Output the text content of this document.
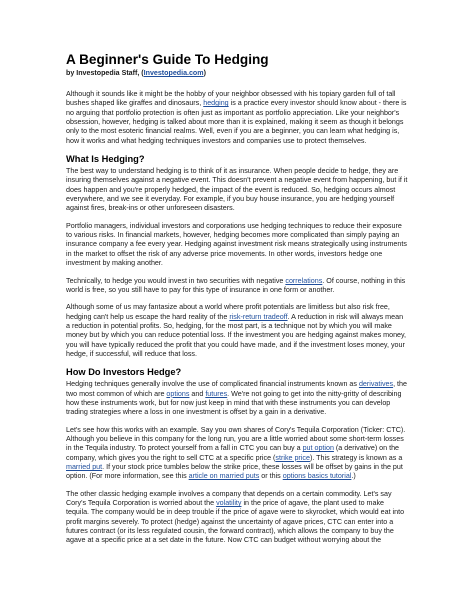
A Beginner's Guide To Hedging
by Investopedia Staff, (Investopedia.com)

Although it sounds like it might be the hobby of your neighbor obsessed with his topiary garden full of tall bushes shaped like giraffes and dinosaurs, hedging is a practice every investor should know about - there is no arguing that portfolio protection is often just as important as portfolio appreciation. Like your neighbor's obsession, however, hedging is talked about more than it is explained, making it seem as though it belongs only to the most esoteric financial realms. Well, even if you are a beginner, you can learn what hedging is, how it works and what hedging techniques investors and companies use to protect themselves.

What Is Hedging?

The best way to understand hedging is to think of it as insurance. When people decide to hedge, they are insuring themselves against a negative event. This doesn't prevent a negative event from happening, but if it does happen and you're properly hedged, the impact of the event is reduced. So, hedging occurs almost everywhere, and we see it everyday. For example, if you buy house insurance, you are hedging yourself against fires, break-ins or other unforeseen disasters.

Portfolio managers, individual investors and corporations use hedging techniques to reduce their exposure to various risks. In financial markets, however, hedging becomes more complicated than simply paying an insurance company a fee every year. Hedging against investment risk means strategically using instruments in the market to offset the risk of any adverse price movements. In other words, investors hedge one investment by making another.

Technically, to hedge you would invest in two securities with negative correlations. Of course, nothing in this world is free, so you still have to pay for this type of insurance in one form or another.

Although some of us may fantasize about a world where profit potentials are limitless but also risk free, hedging can't help us escape the hard reality of the risk-return tradeoff. A reduction in risk will always mean a reduction in potential profits. So, hedging, for the most part, is a technique not by which you will make money but by which you can reduce potential loss. If the investment you are hedging against makes money, you will have typically reduced the profit that you could have made, and if the investment loses money, your hedge, if successful, will reduce that loss.

How Do Investors Hedge?

Hedging techniques generally involve the use of complicated financial instruments known as derivatives, the two most common of which are options and futures. We're not going to get into the nitty-gritty of describing how these instruments work, but for now just keep in mind that with these instruments you can develop trading strategies where a loss in one investment is offset by a gain in a derivative.

Let's see how this works with an example. Say you own shares of Cory's Tequila Corporation (Ticker: CTC). Although you believe in this company for the long run, you are a little worried about some short-term losses in the Tequila industry. To protect yourself from a fall in CTC you can buy a put option (a derivative) on the company, which gives you the right to sell CTC at a specific price (strike price). This strategy is known as a married put. If your stock price tumbles below the strike price, these losses will be offset by gains in the put option. (For more information, see this article on married puts or this options basics tutorial.)

The other classic hedging example involves a company that depends on a certain commodity. Let's say Cory's Tequila Corporation is worried about the volatility in the price of agave, the plant used to make tequila. The company would be in deep trouble if the price of agave were to skyrocket, which would eat into profit margins severely. To protect (hedge) against the uncertainty of agave prices, CTC can enter into a futures contract (or its less regulated cousin, the forward contract), which allows the company to buy the agave at a specific price at a set date in the future. Now CTC can budget without worrying about the
